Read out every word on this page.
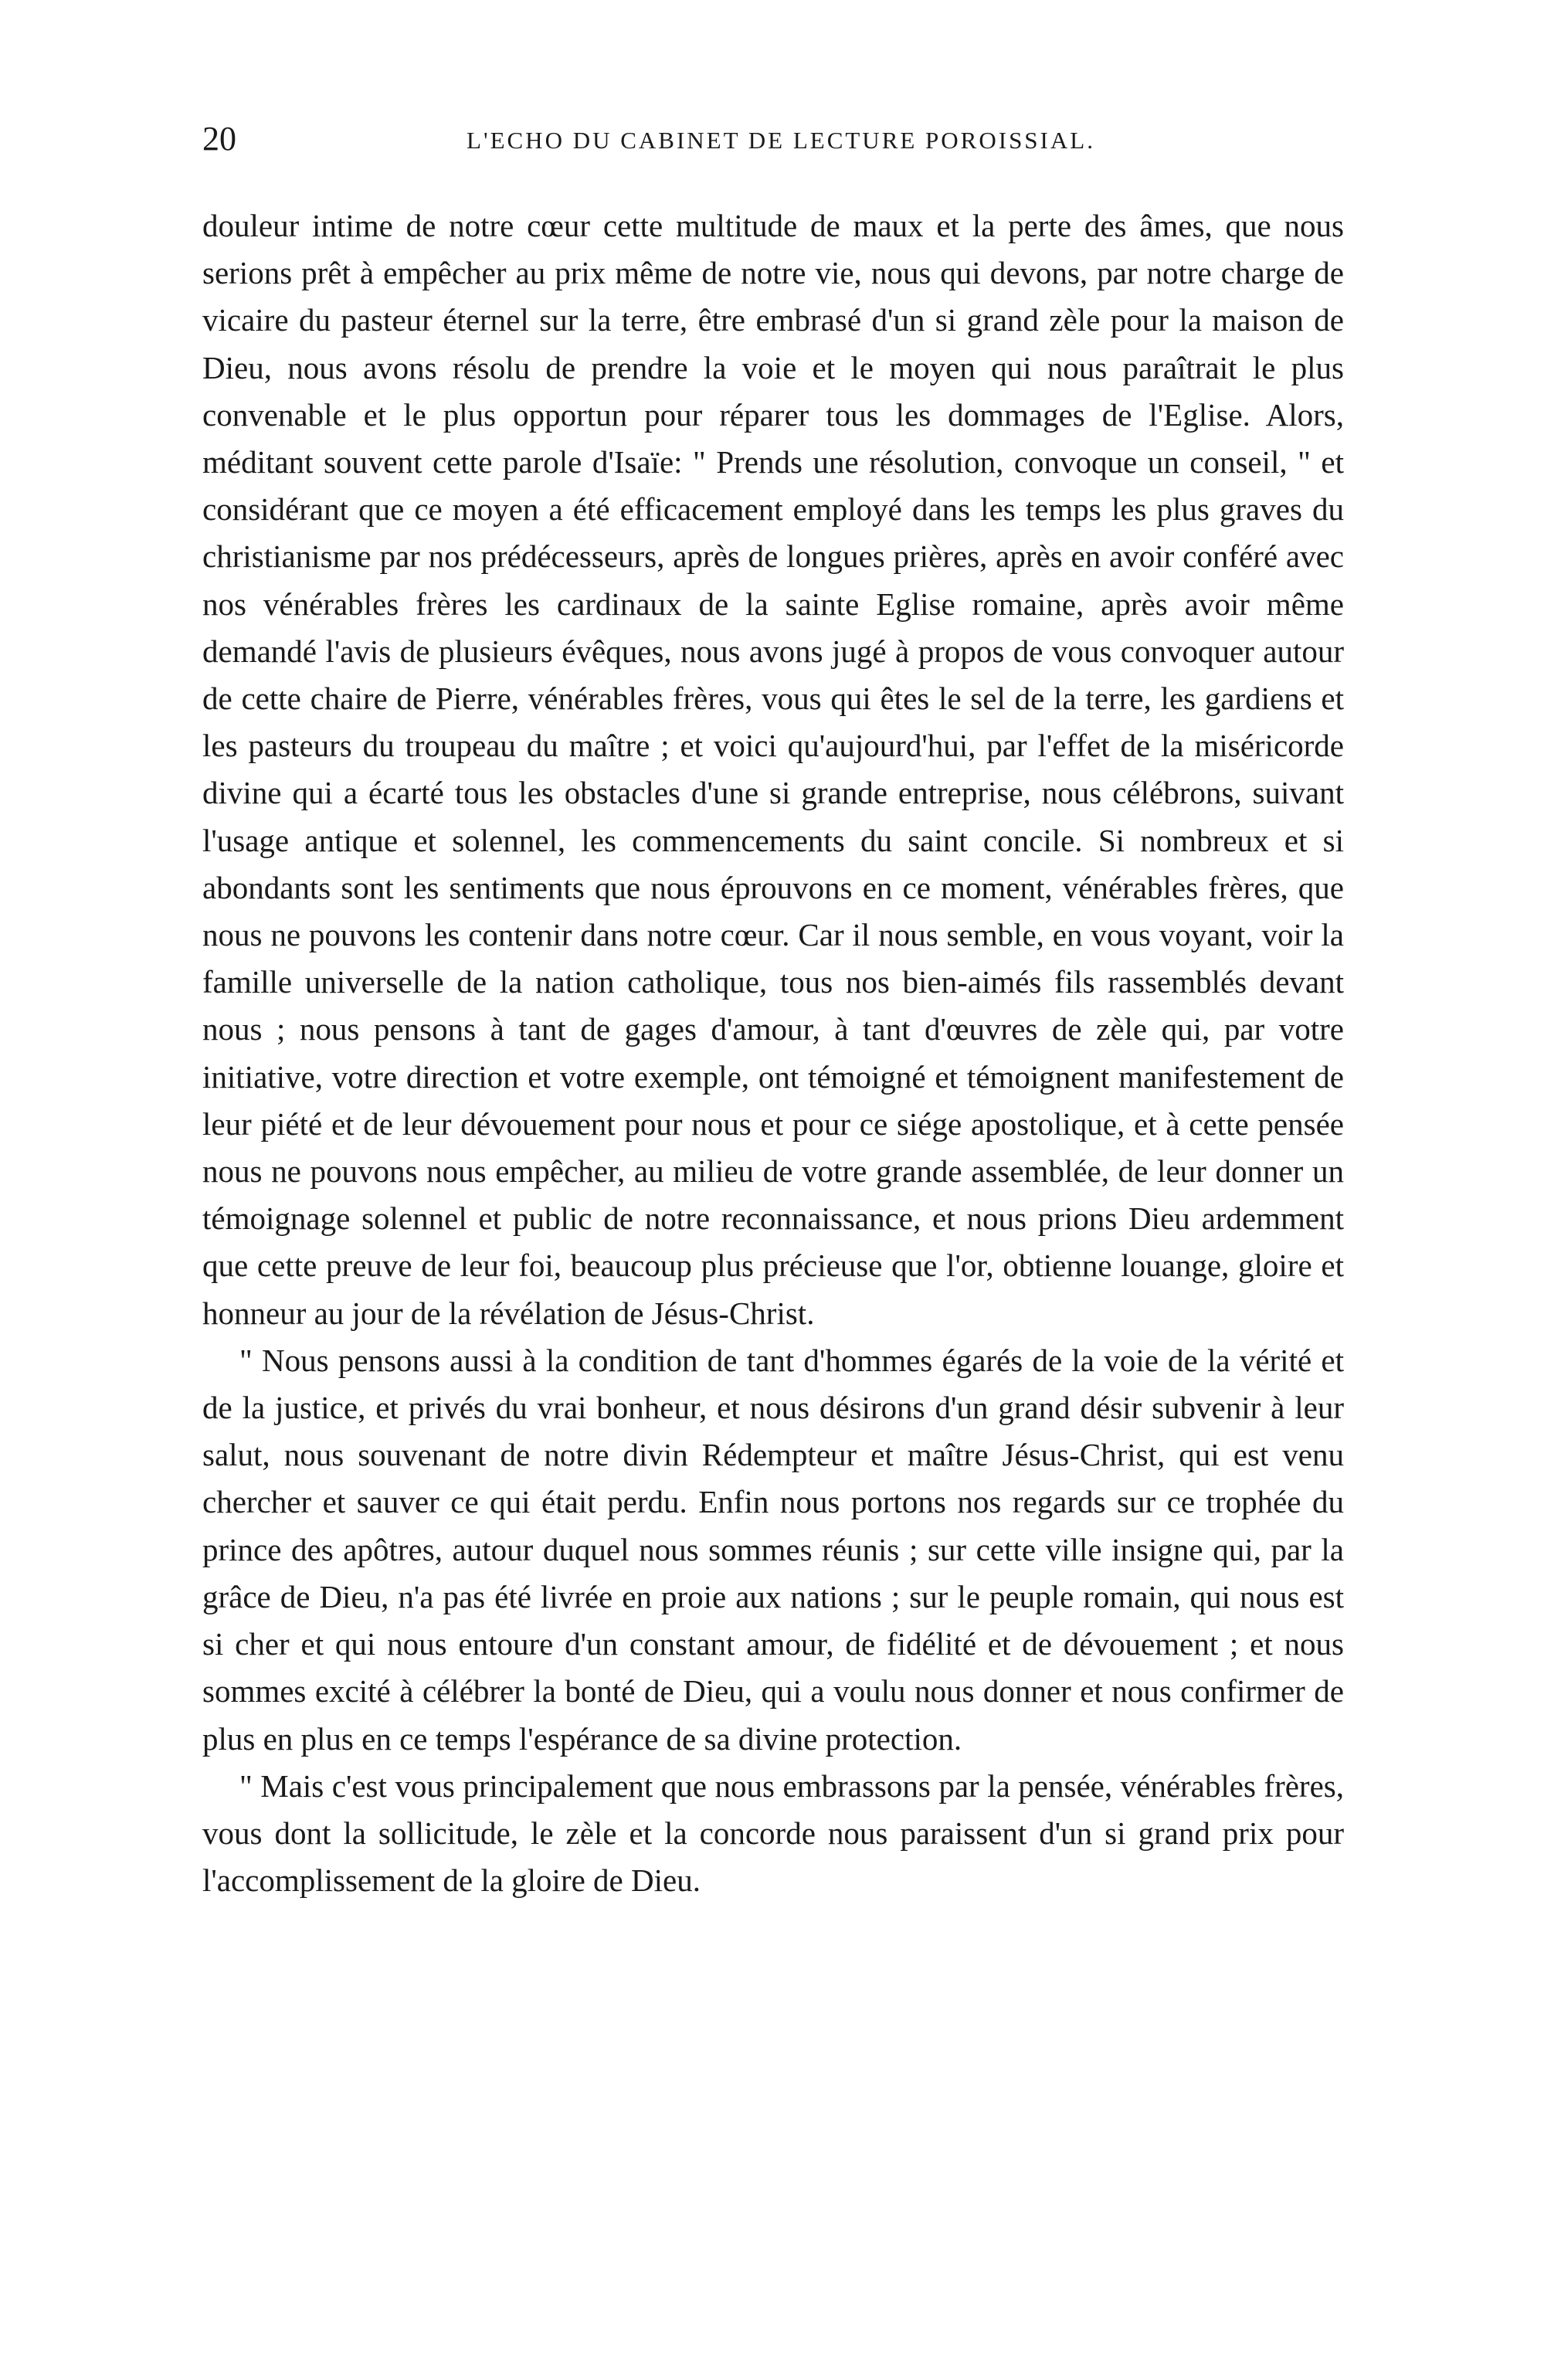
20	L'ECHO DU CABINET DE LECTURE POROISSIAL.

douleur intime de notre cœur cette multitude de maux et la perte des âmes, que nous serions prêt à empêcher au prix même de notre vie, nous qui devons, par notre charge de vicaire du pasteur éternel sur la terre, être embrasé d'un si grand zèle pour la maison de Dieu, nous avons résolu de prendre la voie et le moyen qui nous paraîtrait le plus convenable et le plus opportun pour réparer tous les dommages de l'Eglise. Alors, méditant souvent cette parole d'Isaïe: " Prends une résolution, convoque un conseil, " et considérant que ce moyen a été efficacement employé dans les temps les plus graves du christianisme par nos prédécesseurs, après de longues prières, après en avoir conféré avec nos vénérables frères les cardinaux de la sainte Eglise romaine, après avoir même demandé l'avis de plusieurs évêques, nous avons jugé à propos de vous convoquer autour de cette chaire de Pierre, vénérables frères, vous qui êtes le sel de la terre, les gardiens et les pasteurs du troupeau du maître ; et voici qu'aujourd'hui, par l'effet de la miséricorde divine qui a écarté tous les obstacles d'une si grande entreprise, nous célébrons, suivant l'usage antique et solennel, les commencements du saint concile. Si nombreux et si abondants sont les sentiments que nous éprouvons en ce moment, vénérables frères, que nous ne pouvons les contenir dans notre cœur. Car il nous semble, en vous voyant, voir la famille universelle de la nation catholique, tous nos bien-aimés fils rassemblés devant nous ; nous pensons à tant de gages d'amour, à tant d'œuvres de zèle qui, par votre initiative, votre direction et votre exemple, ont témoigné et témoignent manifestement de leur piété et de leur dévouement pour nous et pour ce siége apostolique, et à cette pensée nous ne pouvons nous empêcher, au milieu de votre grande assemblée, de leur donner un témoignage solennel et public de notre reconnaissance, et nous prions Dieu ardemment que cette preuve de leur foi, beaucoup plus précieuse que l'or, obtienne louange, gloire et honneur au jour de la révélation de Jésus-Christ.

" Nous pensons aussi à la condition de tant d'hommes égarés de la voie de la vérité et de la justice, et privés du vrai bonheur, et nous désirons d'un grand désir subvenir à leur salut, nous souvenant de notre divin Rédempteur et maître Jésus-Christ, qui est venu chercher et sauver ce qui était perdu. Enfin nous portons nos regards sur ce trophée du prince des apôtres, autour duquel nous sommes réunis ; sur cette ville insigne qui, par la grâce de Dieu, n'a pas été livrée en proie aux nations ; sur le peuple romain, qui nous est si cher et qui nous entoure d'un constant amour, de fidélité et de dévouement ; et nous sommes excité à célébrer la bonté de Dieu, qui a voulu nous donner et nous confirmer de plus en plus en ce temps l'espérance de sa divine protection.

" Mais c'est vous principalement que nous embrassons par la pensée, vénérables frères, vous dont la sollicitude, le zèle et la concorde nous paraissent d'un si grand prix pour l'accomplissement de la gloire de Dieu.
